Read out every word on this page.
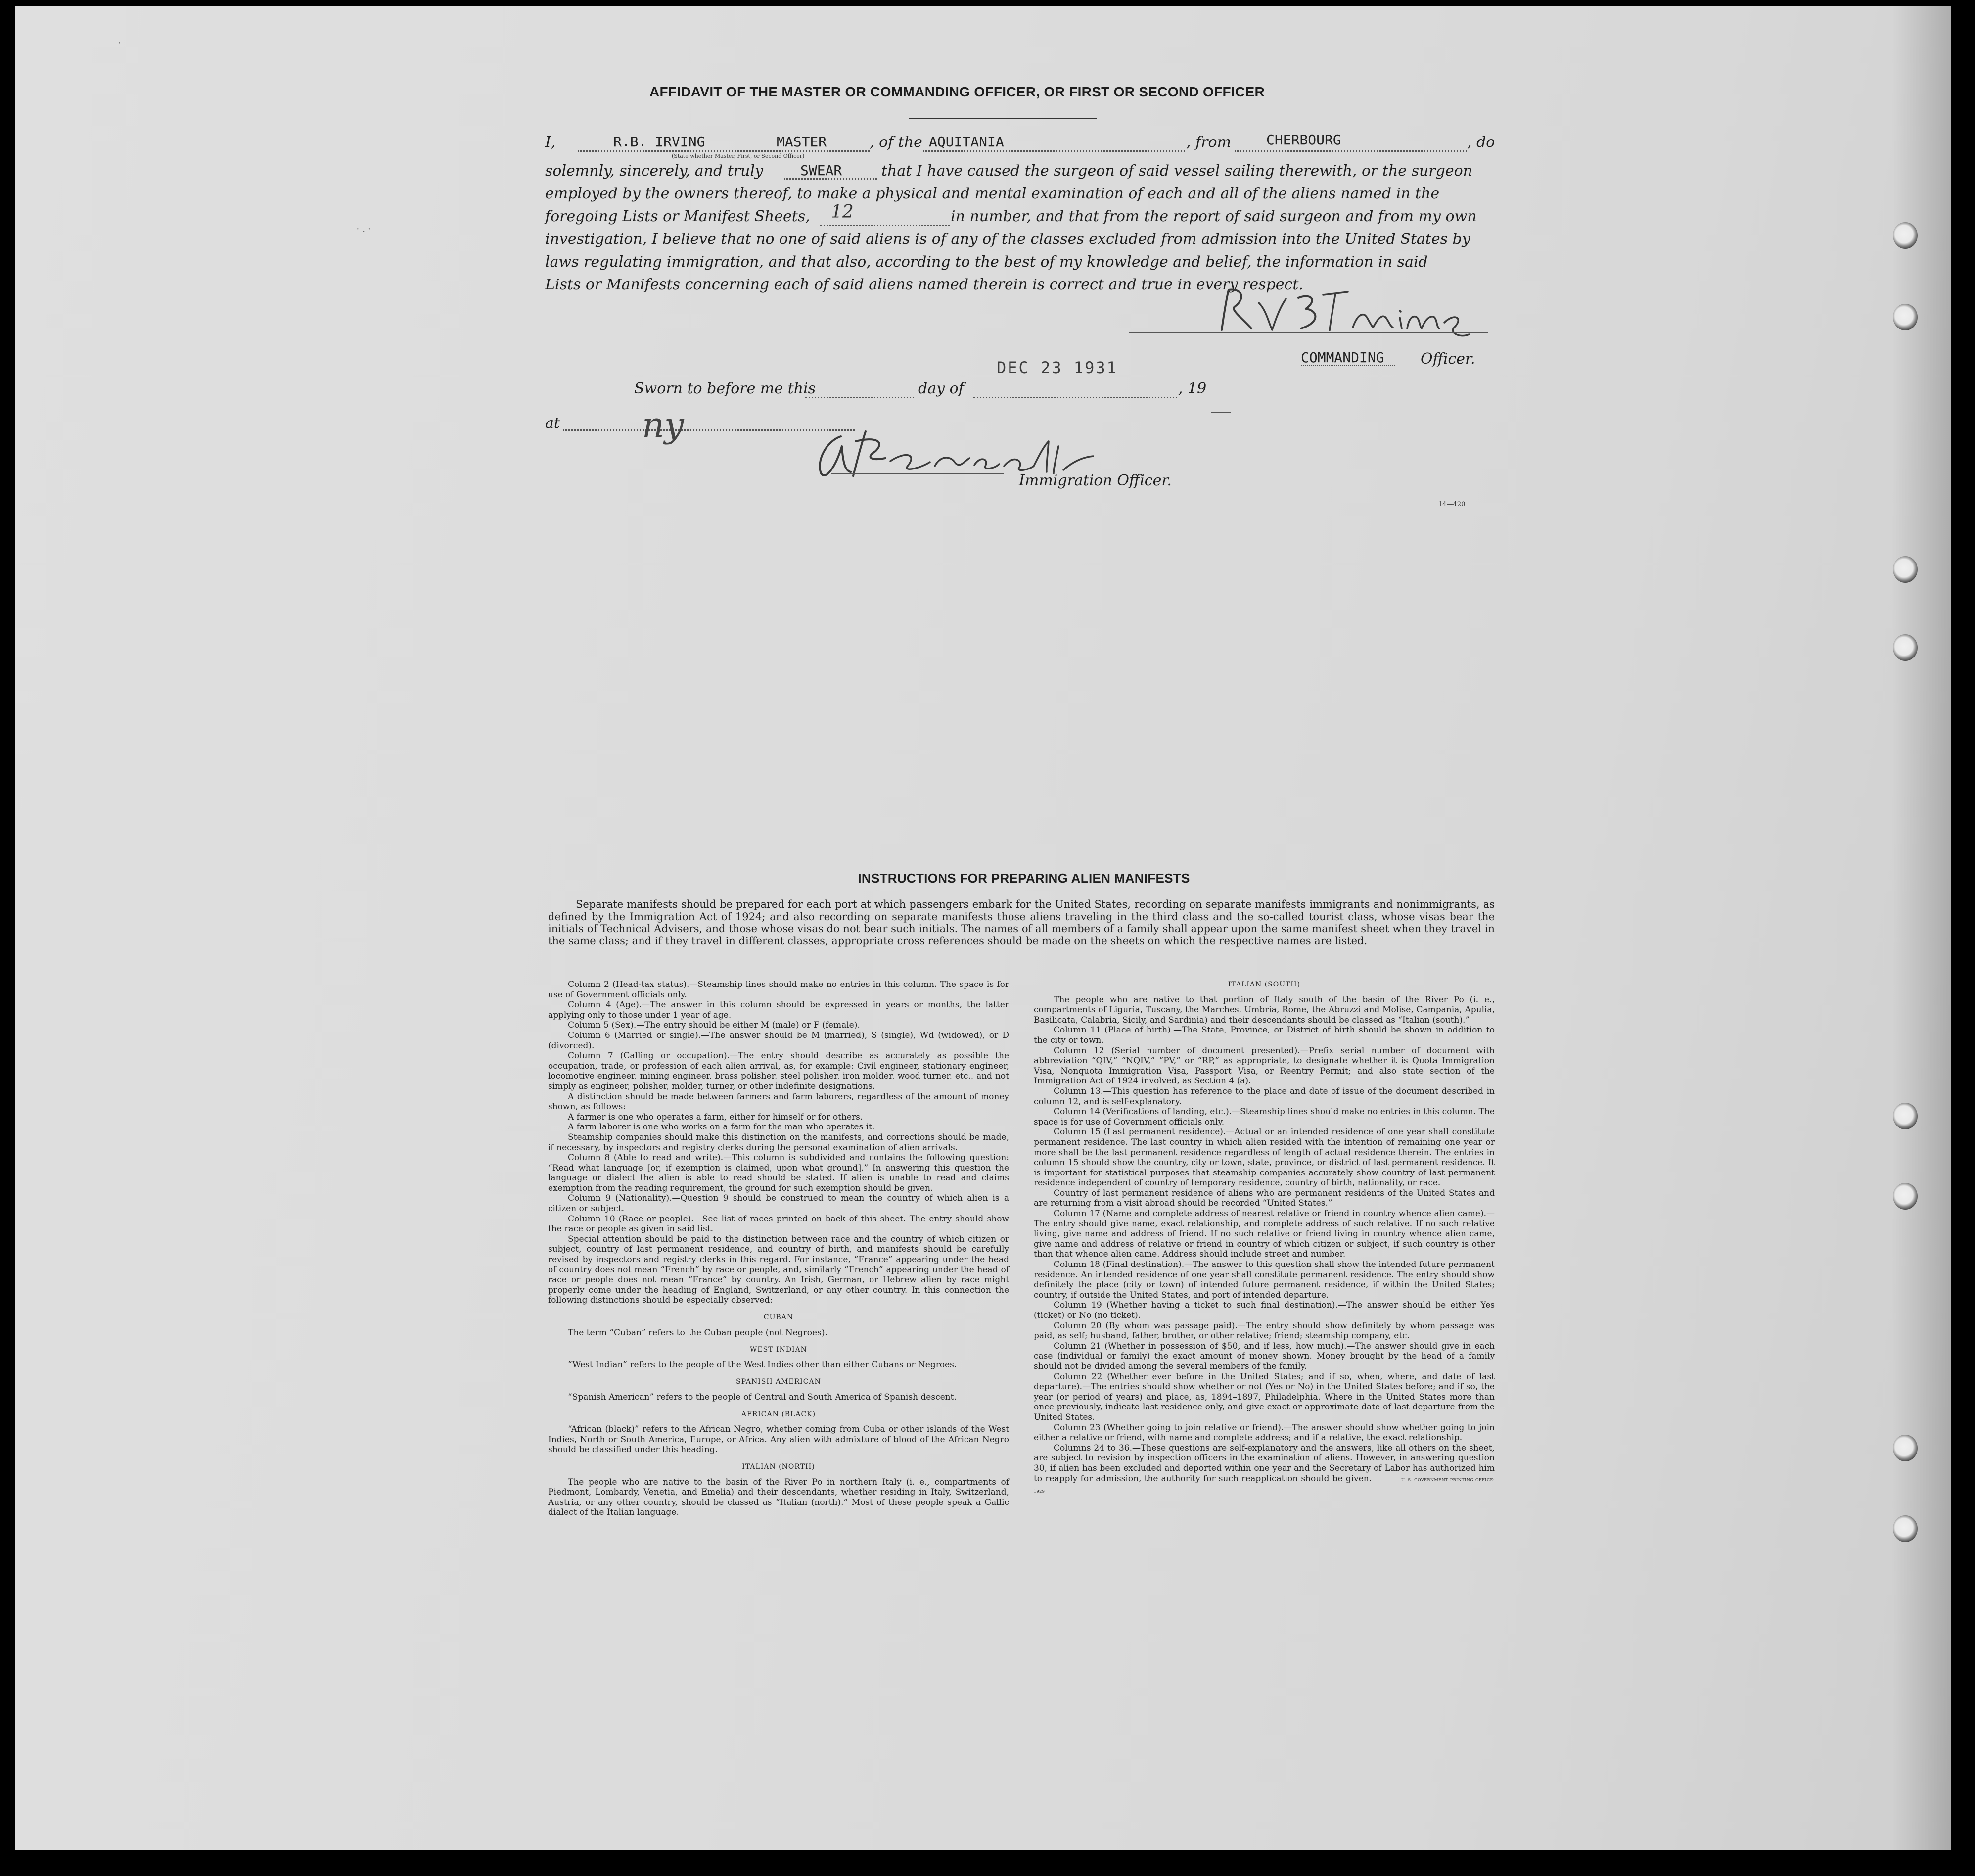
·
·.·
AFFIDAVIT OF THE MASTER OR COMMANDING OFFICER, OR FIRST OR SECOND OFFICER
I,	R.B. IRVING	MASTER
(State whether Master, First, or Second Officer)
, of the AQUITANIA	, from	CHERBOURG	, do
solemnly, sincerely, and truly	SWEAR	that I have caused the surgeon of said vessel sailing therewith, or the surgeon
employed by the owners thereof, to make a physical and mental examination of each and all of the aliens named in the
foregoing Lists or Manifest Sheets, 12	in number, and that from the report of said surgeon and from my own
investigation, I believe that no one of said aliens is of any of the classes excluded from admission into the United States by
laws regulating immigration, and that also, according to the best of my knowledge and belief, the information in said
Lists or Manifests concerning each of said aliens named therein is correct and true in every respect.
COMMANDING Officer.
DEC 23 1931
Sworn to before me this	day of	, 19
at ny
Immigration Officer.
14—420
INSTRUCTIONS FOR PREPARING ALIEN MANIFESTS
Separate manifests should be prepared for each port at which passengers embark for the United States, recording on separate manifests immigrants and nonimmigrants, as defined by the Immigration Act of 1924; and also recording on separate manifests those aliens traveling in the third class and the so-called tourist class, whose visas bear the initials of Technical Advisers, and those whose visas do not bear such initials. The names of all members of a family shall appear upon the same manifest sheet when they travel in the same class; and if they travel in different classes, appropriate cross references should be made on the sheets on which the respective names are listed.

Column 2 (Head-tax status).—Steamship lines should make no entries in this column. The space is for use of Government officials only.

Column 4 (Age).—The answer in this column should be expressed in years or months, the latter applying only to those under 1 year of age.

Column 5 (Sex).—The entry should be either M (male) or F (female).

Column 6 (Married or single).—The answer should be M (married), S (single), Wd (widowed), or D (divorced).

Column 7 (Calling or occupation).—The entry should describe as accurately as possible the occupation, trade, or profession of each alien arrival, as, for example: Civil engineer, stationary engineer, locomotive engineer, mining engineer, brass polisher, steel polisher, iron molder, wood turner, etc., and not simply as engineer, polisher, molder, turner, or other indefinite designations.

A distinction should be made between farmers and farm laborers, regardless of the amount of money shown, as follows:

A farmer is one who operates a farm, either for himself or for others.

A farm laborer is one who works on a farm for the man who operates it.

Steamship companies should make this distinction on the manifests, and corrections should be made, if necessary, by inspectors and registry clerks during the personal examination of alien arrivals.

Column 8 (Able to read and write).—This column is subdivided and contains the following question: “Read what language [or, if exemption is claimed, upon what ground].” In answering this question the language or dialect the alien is able to read should be stated. If alien is unable to read and claims exemption from the reading requirement, the ground for such exemption should be given.

Column 9 (Nationality).—Question 9 should be construed to mean the country of which alien is a citizen or subject.

Column 10 (Race or people).—See list of races printed on back of this sheet. The entry should show the race or people as given in said list.

Special attention should be paid to the distinction between race and the country of which citizen or subject, country of last permanent residence, and country of birth, and manifests should be carefully revised by inspectors and registry clerks in this regard. For instance, “France” appearing under the head of country does not mean “French” by race or people, and, similarly “French” appearing under the head of race or people does not mean “France” by country. An Irish, German, or Hebrew alien by race might properly come under the heading of England, Switzerland, or any other country. In this connection the following distinctions should be especially observed:

CUBAN

The term “Cuban” refers to the Cuban people (not Negroes).

WEST INDIAN

“West Indian” refers to the people of the West Indies other than either Cubans or Negroes.

SPANISH AMERICAN

“Spanish American” refers to the people of Central and South America of Spanish descent.

AFRICAN (BLACK)

“African (black)” refers to the African Negro, whether coming from Cuba or other islands of the West Indies, North or South America, Europe, or Africa. Any alien with admixture of blood of the African Negro should be classified under this heading.

ITALIAN (NORTH)

The people who are native to the basin of the River Po in northern Italy (i. e., compartments of Piedmont, Lombardy, Venetia, and Emelia) and their descendants, whether residing in Italy, Switzerland, Austria, or any other country, should be classed as “Italian (north).” Most of these people speak a Gallic dialect of the Italian language.

ITALIAN (SOUTH)

The people who are native to that portion of Italy south of the basin of the River Po (i. e., compartments of Liguria, Tuscany, the Marches, Umbria, Rome, the Abruzzi and Molise, Campania, Apulia, Basilicata, Calabria, Sicily, and Sardinia) and their descendants should be classed as “Italian (south).”

Column 11 (Place of birth).—The State, Province, or District of birth should be shown in addition to the city or town.

Column 12 (Serial number of document presented).—Prefix serial number of document with abbreviation “QIV,” “NQIV,” “PV,” or “RP,” as appropriate, to designate whether it is Quota Immigration Visa, Nonquota Immigration Visa, Passport Visa, or Reentry Permit; and also state section of the Immigration Act of 1924 involved, as Section 4 (a).

Column 13.—This question has reference to the place and date of issue of the document described in column 12, and is self-explanatory.

Column 14 (Verifications of landing, etc.).—Steamship lines should make no entries in this column. The space is for use of Government officials only.

Column 15 (Last permanent residence).—Actual or an intended residence of one year shall constitute permanent residence. The last country in which alien resided with the intention of remaining one year or more shall be the last permanent residence regardless of length of actual residence therein. The entries in column 15 should show the country, city or town, state, province, or district of last permanent residence. It is important for statistical purposes that steamship companies accurately show country of last permanent residence independent of country of temporary residence, country of birth, nationality, or race.

Country of last permanent residence of aliens who are permanent residents of the United States and are returning from a visit abroad should be recorded “United States.”

Column 17 (Name and complete address of nearest relative or friend in country whence alien came).—The entry should give name, exact relationship, and complete address of such relative. If no such relative living, give name and address of friend. If no such relative or friend living in country whence alien came, give name and address of relative or friend in country of which citizen or subject, if such country is other than that whence alien came. Address should include street and number.

Column 18 (Final destination).—The answer to this question shall show the intended future permanent residence. An intended residence of one year shall constitute permanent residence. The entry should show definitely the place (city or town) of intended future permanent residence, if within the United States; country, if outside the United States, and port of intended departure.

Column 19 (Whether having a ticket to such final destination).—The answer should be either Yes (ticket) or No (no ticket).

Column 20 (By whom was passage paid).—The entry should show definitely by whom passage was paid, as self; husband, father, brother, or other relative; friend; steamship company, etc.

Column 21 (Whether in possession of $50, and if less, how much).—The answer should give in each case (individual or family) the exact amount of money shown. Money brought by the head of a family should not be divided among the several members of the family.

Column 22 (Whether ever before in the United States; and if so, when, where, and date of last departure).—The entries should show whether or not (Yes or No) in the United States before; and if so, the year (or period of years) and place, as, 1894–1897, Philadelphia. Where in the United States more than once previously, indicate last residence only, and give exact or approximate date of last departure from the United States.

Column 23 (Whether going to join relative or friend).—The answer should show whether going to join either a relative or friend, with name and complete address; and if a relative, the exact relationship.

Columns 24 to 36.—These questions are self-explanatory and the answers, like all others on the sheet, are subject to revision by inspection officers in the examination of aliens. However, in answering question 30, if alien has been excluded and deported within one year and the Secretary of Labor has authorized him to reapply for admission, the authority for such reapplication should be given.	U. S. GOVERNMENT PRINTING OFFICE: 1929
